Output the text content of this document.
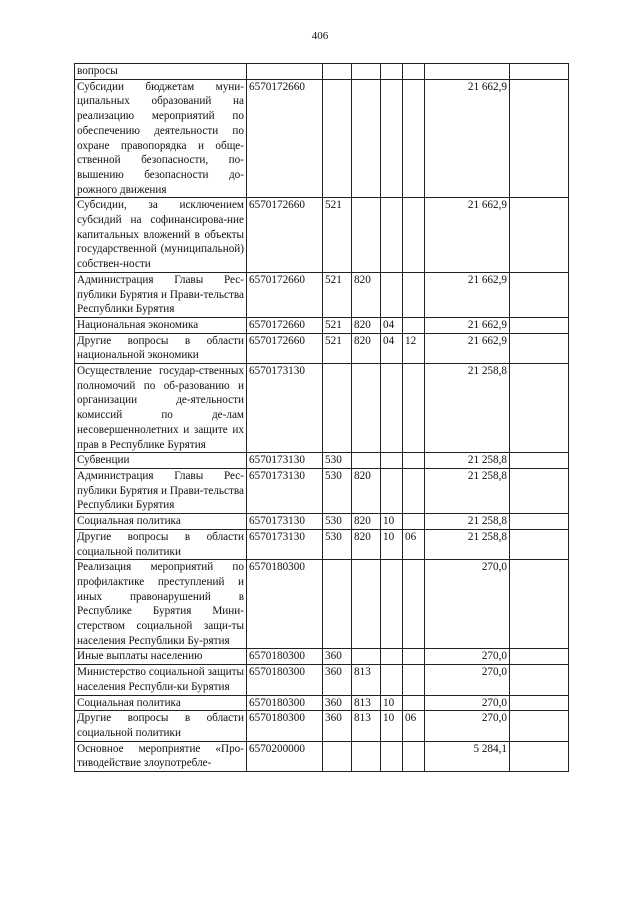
406
вопросы							
Субсидии бюджетам муни-ципальных образований на реализацию мероприятий по обеспечению деятельности по охране правопорядка и обще-ственной безопасности, по-вышению безопасности до-рожного движения	6570172660					21 662,9	
Субсидии, за исключением субсидий на софинансирова-ние капитальных вложений в объекты государственной (муниципальной) собствен-ности	6570172660	521				21 662,9	
Администрация Главы Рес-публики Бурятия и Прави-тельства Республики Бурятия	6570172660	521	820			21 662,9	
Национальная экономика	6570172660	521	820	04		21 662,9	
Другие вопросы в области национальной экономики	6570172660	521	820	04	12	21 662,9	
Осуществление государ-ственных полномочий по об-разованию и организации де-ятельности комиссий по де-лам несовершеннолетних и защите их прав в Республике Бурятия	6570173130					21 258,8	
Субвенции	6570173130	530				21 258,8	
Администрация Главы Рес-публики Бурятия и Прави-тельства Республики Бурятия	6570173130	530	820			21 258,8	
Социальная политика	6570173130	530	820	10		21 258,8	
Другие вопросы в области социальной политики	6570173130	530	820	10	06	21 258,8	
Реализация мероприятий по профилактике преступлений и иных правонарушений в Республике Бурятия Мини-стерством социальной защи-ты населения Республики Бу-рятия	6570180300					270,0	
Иные выплаты населению	6570180300	360				270,0	
Министерство социальной защиты населения Республи-ки Бурятия	6570180300	360	813			270,0	
Социальная политика	6570180300	360	813	10		270,0	
Другие вопросы в области социальной политики	6570180300	360	813	10	06	270,0	
Основное мероприятие «Про-тиводействие злоупотребле-	6570200000					5 284,1	
